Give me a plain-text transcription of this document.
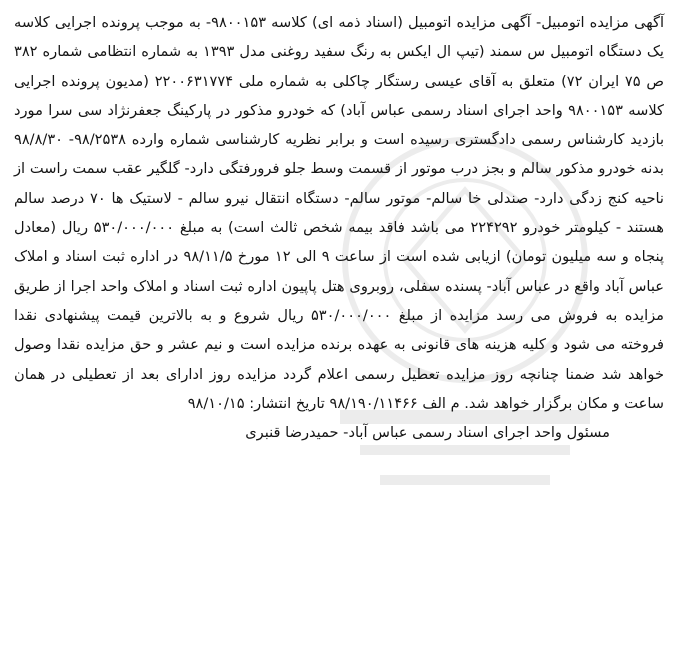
آگهی مزایده اتومبیل- آگهی مزایده اتومبیل (اسناد ذمه ای) کلاسه ۹۸۰۰۱۵۳- به موجب پرونده اجرایی کلاسه یک دستگاه اتومبیل س سمند (تیپ ال ایکس به رنگ سفید روغنی مدل ۱۳۹۳ به شماره انتظامی شماره ۳۸۲ ص ۷۵ ایران ۷۲) متعلق به آقای عیسی رستگار چاکلی به شماره ملی ۲۲۰۰۶۳۱۷۷۴ (مدیون پرونده اجرایی کلاسه ۹۸۰۰۱۵۳ واحد اجرای اسناد رسمی عباس آباد) که خودرو مذکور در پارکینگ جعفرنژاد سی سرا مورد بازدید کارشناس رسمی دادگستری رسیده است و برابر نظریه کارشناسی شماره وارده ۹۸/۲۵۳۸- ۹۸/۸/۳۰ بدنه خودرو مذکور سالم و بجز درب موتور از قسمت وسط جلو فرورفتگی دارد- گلگیر عقب سمت راست از ناحیه کنج زدگی دارد- صندلی خا سالم- موتور سالم- دستگاه انتقال نیرو سالم - لاستیک ها ۷۰ درصد سالم هستند - کیلومتر خودرو ۲۲۴۲۹۲ می باشد فاقد بیمه شخص ثالث است) به مبلغ ۵۳۰/۰۰۰/۰۰۰ ریال (معادل پنجاه و سه میلیون تومان) ازیابی شده است از ساعت ۹ الی ۱۲ مورخ ۹۸/۱۱/۵ در اداره ثبت اسناد و املاک عباس آباد واقع در عباس آباد- پسنده سفلی، روبروی هتل پاپیون اداره ثبت اسناد و املاک واحد اجرا از طریق مزایده به فروش می رسد مزایده از مبلغ ۵۳۰/۰۰۰/۰۰۰ ریال شروع و به بالاترین قیمت پیشنهادی نقدا فروخته می شود و کلیه هزینه های قانونی به عهده برنده مزایده است و نیم عشر و حق مزایده نقدا وصول خواهد شد ضمنا چنانچه روز مزایده تعطیل رسمی اعلام گردد مزایده روز ادارای بعد از تعطیلی در همان ساعت و مکان برگزار خواهد شد. م الف ۹۸/۱۹۰/۱۱۴۶۶ تاریخ انتشار: ۹۸/۱۰/۱۵

مسئول واحد اجرای اسناد رسمی عباس آباد- حمیدرضا قنبری
